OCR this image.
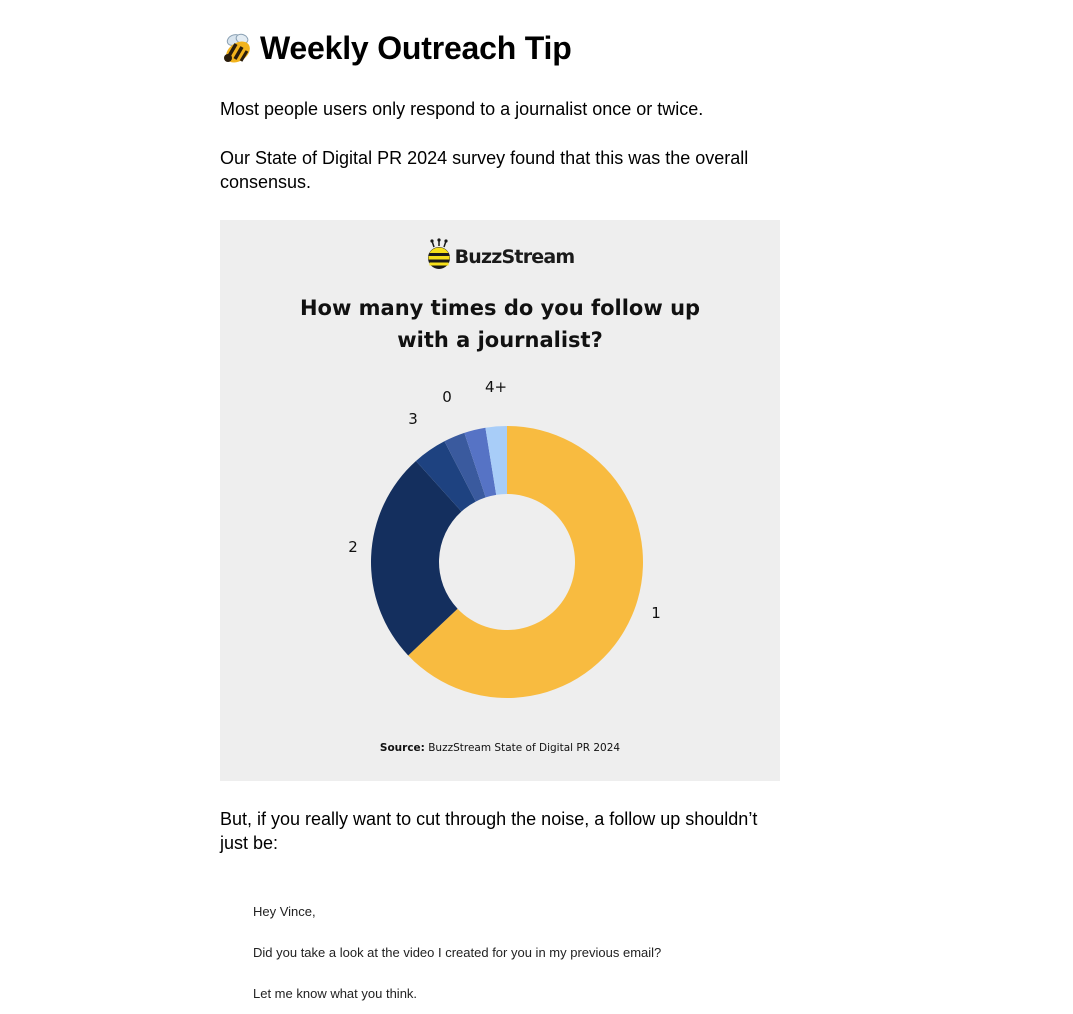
Weekly Outreach Tip

Most people users only respond to a journalist once or twice.

Our State of Digital PR 2024 survey found that this was the overall consensus.

BuzzStream
How many times do you follow up
with a journalist?
1
2
3
0
4+
Source: BuzzStream State of Digital PR 2024

But, if you really want to cut through the noise, a follow up shouldn’t just be:

Hey Vince,

Did you take a look at the video I created for you in my previous email?

Let me know what you think.
